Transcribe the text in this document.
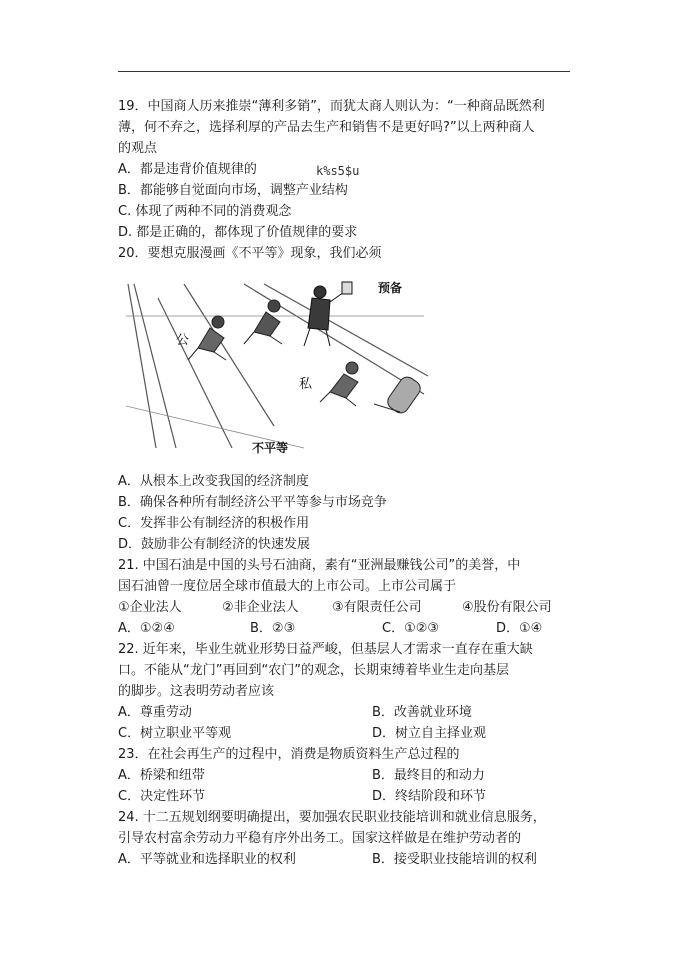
19．中国商人历来推崇“薄利多销”，而犹太商人则认为：“一种商品既然利
薄，何不弃之，选择利厚的产品去生产和销售不是更好吗?”以上两种商人
的观点
A．都是违背价值规律的	k%s5$u
B．都能够自觉面向市场，调整产业结构
C. 体现了两种不同的消费观念
D. 都是正确的，都体现了价值规律的要求
20．要想克服漫画《不平等》现象，我们必须
公
私
预备
不平等
A．从根本上改变我国的经济制度
B．确保各种所有制经济公平平等参与市场竞争
C．发挥非公有制经济的积极作用
D．鼓励非公有制经济的快速发展
21. 中国石油是中国的头号石油商，素有“亚洲最赚钱公司”的美誉，中
国石油曾一度位居全球市值最大的上市公司。上市公司属于
①企业法人	②非企业法人	③有限责任公司	④股份有限公司
A．①②④	B．②③	C．①②③	D．①④
22. 近年来，毕业生就业形势日益严峻，但基层人才需求一直存在重大缺
口。不能从“龙门”再回到“农门”的观念，长期束缚着毕业生走向基层
的脚步。这表明劳动者应该
A．尊重劳动	B．改善就业环境
C．树立职业平等观	D．树立自主择业观
23．在社会再生产的过程中，消费是物质资料生产总过程的
A．桥梁和纽带	B．最终目的和动力
C．决定性环节	D．终结阶段和环节
24. 十二五规划纲要明确提出，要加强农民职业技能培训和就业信息服务，
引导农村富余劳动力平稳有序外出务工。国家这样做是在维护劳动者的
A．平等就业和选择职业的权利	B．接受职业技能培训的权利
